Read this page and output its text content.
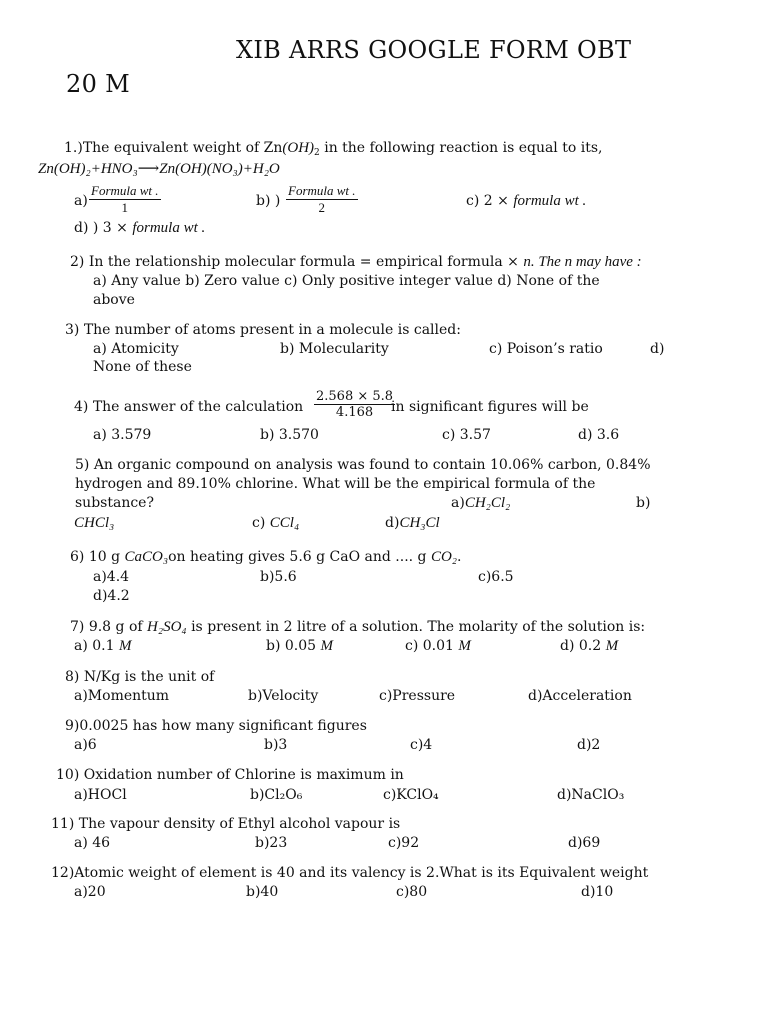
XIB ARRS GOOGLE FORM OBT
20 M
1.)The equivalent weight of $Zn(OH)_2$ in the following reaction is equal to its,
Zn(OH)₂+HNO₃⟶Zn(OH)(NO₃)+H₂O
a)
Formula wt .
1	b) )
Formula wt .
2	c) 2 × formula wt .
d) ) 3 × formula wt .
2) In the relationship molecular formula = empirical formula × n. The n may have :
a) Any value b) Zero value c) Only positive integer value d) None of the
above
3) The number of atoms present in a molecule is called:
a) Atomicity	b) Molecularity	c) Poison’s ratio	d)
None of these
4) The answer of the calculation $\frac{2.568 \times 5.8}{4.168}$
in significant figures will be
a) 3.579	b) 3.570	c) 3.57	d) 3.6
5) An organic compound on analysis was found to contain 10.06% carbon, 0.84%
hydrogen and 89.10% chlorine. What will be the empirical formula of the
substance?	a)CH₂Cl₂	b)
CHCl₃	c) CCl₄	d)CH₃Cl
6) 10 g CaCO₃on heating gives 5.6 g CaO and .... g CO₂.
a)4.4	b)5.6	c)6.5
d)4.2
7) 9.8 g of H₂SO₄ is present in 2 litre of a solution. The molarity of the solution is:
a) 0.1 M	b) 0.05 M	c) 0.01 M	d) 0.2 M
8) N/Kg is the unit of
a)Momentum	b)Velocity	c)Pressure	d)Acceleration
9)0.0025 has how many significant figures
a)6	b)3	c)4	d)2
10) Oxidation number of Chlorine is maximum in
a)HOCl	b)Cl₂O₆	c)KClO₄	d)NaClO₃
11) The vapour density of Ethyl alcohol vapour is
a) 46	b)23	c)92	d)69
12)Atomic weight of element is 40 and its valency is 2.What is its Equivalent weight
a)20	b)40	c)80	d)10
